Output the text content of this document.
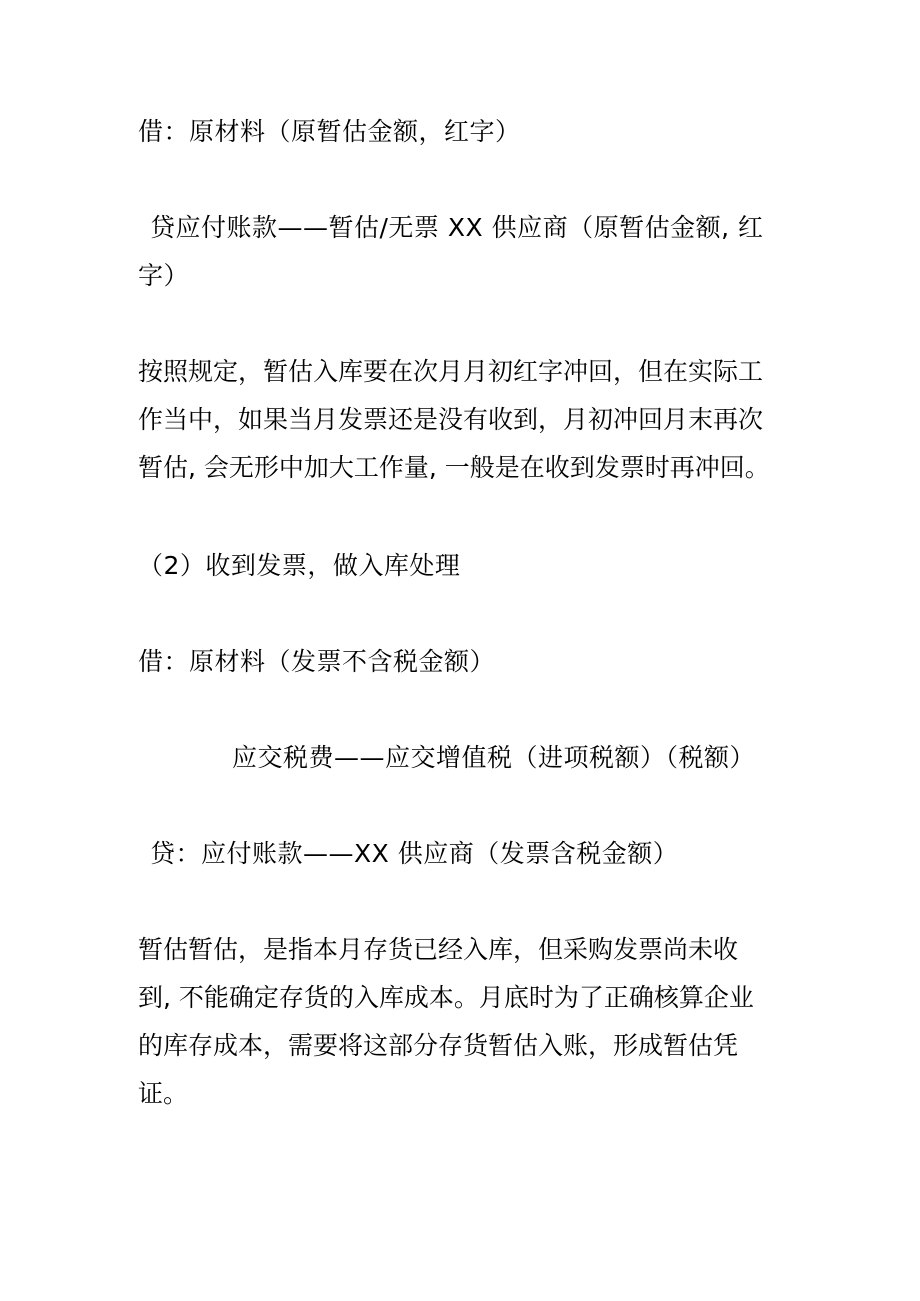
借：原材料（原暂估金额，红字）
贷应付账款——暂估/无票 XX 供应商（原暂估金额, 红
字）
按照规定，暂估入库要在次月月初红字冲回，但在实际工
作当中，如果当月发票还是没有收到，月初冲回月末再次
暂估, 会无形中加大工作量, 一般是在收到发票时再冲回。
（2）收到发票，做入库处理
借：原材料（发票不含税金额）
应交税费——应交增值税（进项税额）（税额）
贷：应付账款——XX 供应商（发票含税金额）
暂估暂估，是指本月存货已经入库，但采购发票尚未收
到, 不能确定存货的入库成本。月底时为了正确核算企业
的库存成本，需要将这部分存货暂估入账，形成暂估凭
证。
